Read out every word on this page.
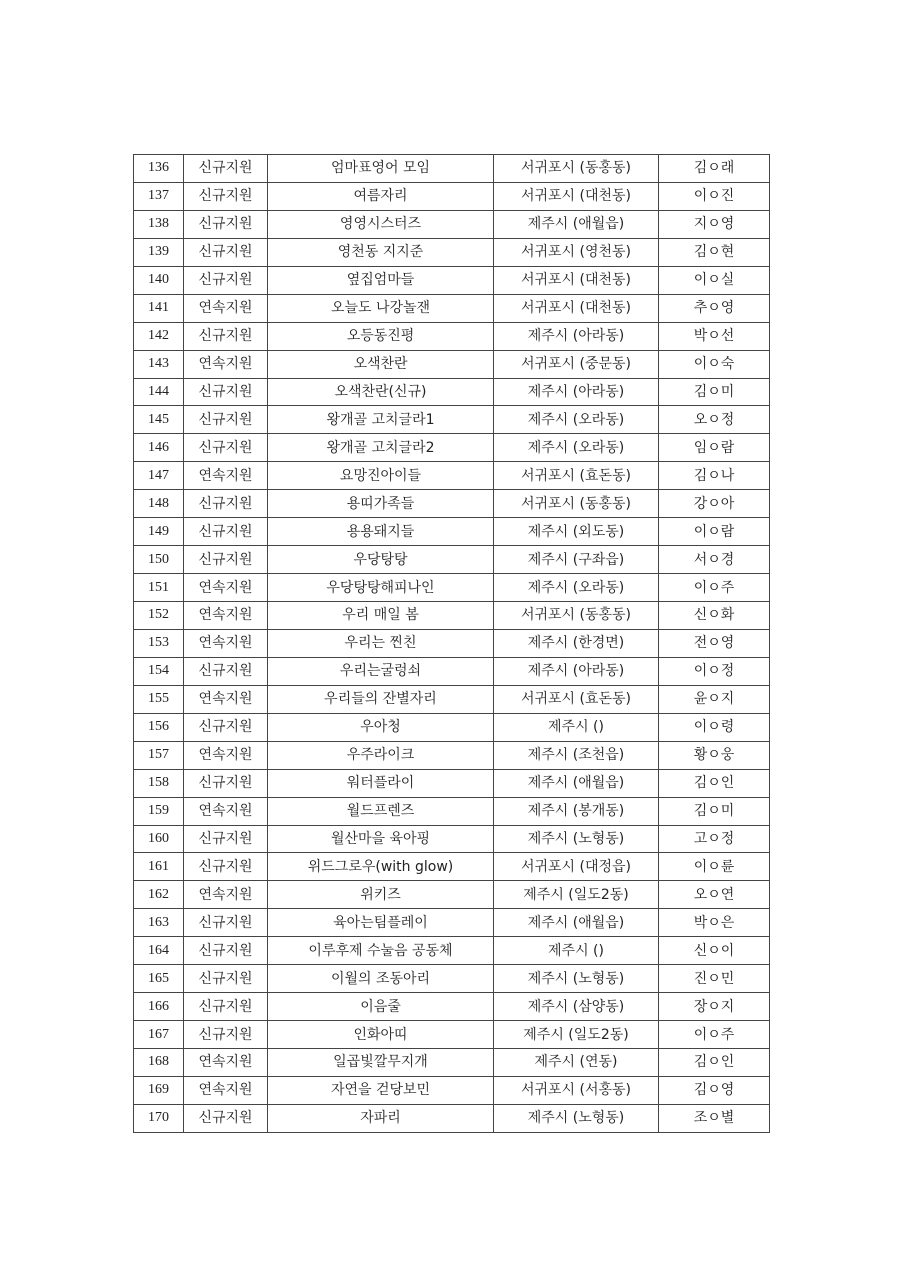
136	신규지원	엄마표영어 모임	서귀포시 (동홍동)	김ㅇ래
137	신규지원	여름자리	서귀포시 (대천동)	이ㅇ진
138	신규지원	영영시스터즈	제주시 (애월읍)	지ㅇ영
139	신규지원	영천동 지지준	서귀포시 (영천동)	김ㅇ현
140	신규지원	옆집엄마들	서귀포시 (대천동)	이ㅇ실
141	연속지원	오늘도 나강놀잰	서귀포시 (대천동)	추ㅇ영
142	신규지원	오등동진평	제주시 (아라동)	박ㅇ선
143	연속지원	오색찬란	서귀포시 (중문동)	이ㅇ숙
144	신규지원	오색찬란(신규)	제주시 (아라동)	김ㅇ미
145	신규지원	왕개골 고치글라1	제주시 (오라동)	오ㅇ정
146	신규지원	왕개골 고치글라2	제주시 (오라동)	임ㅇ람
147	연속지원	요망진아이들	서귀포시 (효돈동)	김ㅇ나
148	신규지원	용띠가족들	서귀포시 (동홍동)	강ㅇ아
149	신규지원	용용돼지들	제주시 (외도동)	이ㅇ람
150	신규지원	우당탕탕	제주시 (구좌읍)	서ㅇ경
151	연속지원	우당탕탕해피나인	제주시 (오라동)	이ㅇ주
152	연속지원	우리 매일 봄	서귀포시 (동홍동)	신ㅇ화
153	연속지원	우리는 찐친	제주시 (한경면)	전ㅇ영
154	신규지원	우리는굴렁쇠	제주시 (아라동)	이ㅇ정
155	연속지원	우리들의 잔별자리	서귀포시 (효돈동)	윤ㅇ지
156	신규지원	우아청	제주시 ()	이ㅇ령
157	연속지원	우주라이크	제주시 (조천읍)	황ㅇ웅
158	신규지원	워터플라이	제주시 (애월읍)	김ㅇ인
159	연속지원	월드프렌즈	제주시 (봉개동)	김ㅇ미
160	신규지원	월산마을 육아핑	제주시 (노형동)	고ㅇ정
161	신규지원	위드그로우(with glow)	서귀포시 (대정읍)	이ㅇ륜
162	연속지원	위키즈	제주시 (일도2동)	오ㅇ연
163	신규지원	육아는팀플레이	제주시 (애월읍)	박ㅇ은
164	신규지원	이루후제 수눌음 공동체	제주시 ()	신ㅇ이
165	신규지원	이월의 조동아리	제주시 (노형동)	진ㅇ민
166	신규지원	이음줄	제주시 (삼양동)	장ㅇ지
167	신규지원	인화아띠	제주시 (일도2동)	이ㅇ주
168	연속지원	일곱빛깔무지개	제주시 (연동)	김ㅇ인
169	연속지원	자연을 걷당보민	서귀포시 (서홍동)	김ㅇ영
170	신규지원	자파리	제주시 (노형동)	조ㅇ별
